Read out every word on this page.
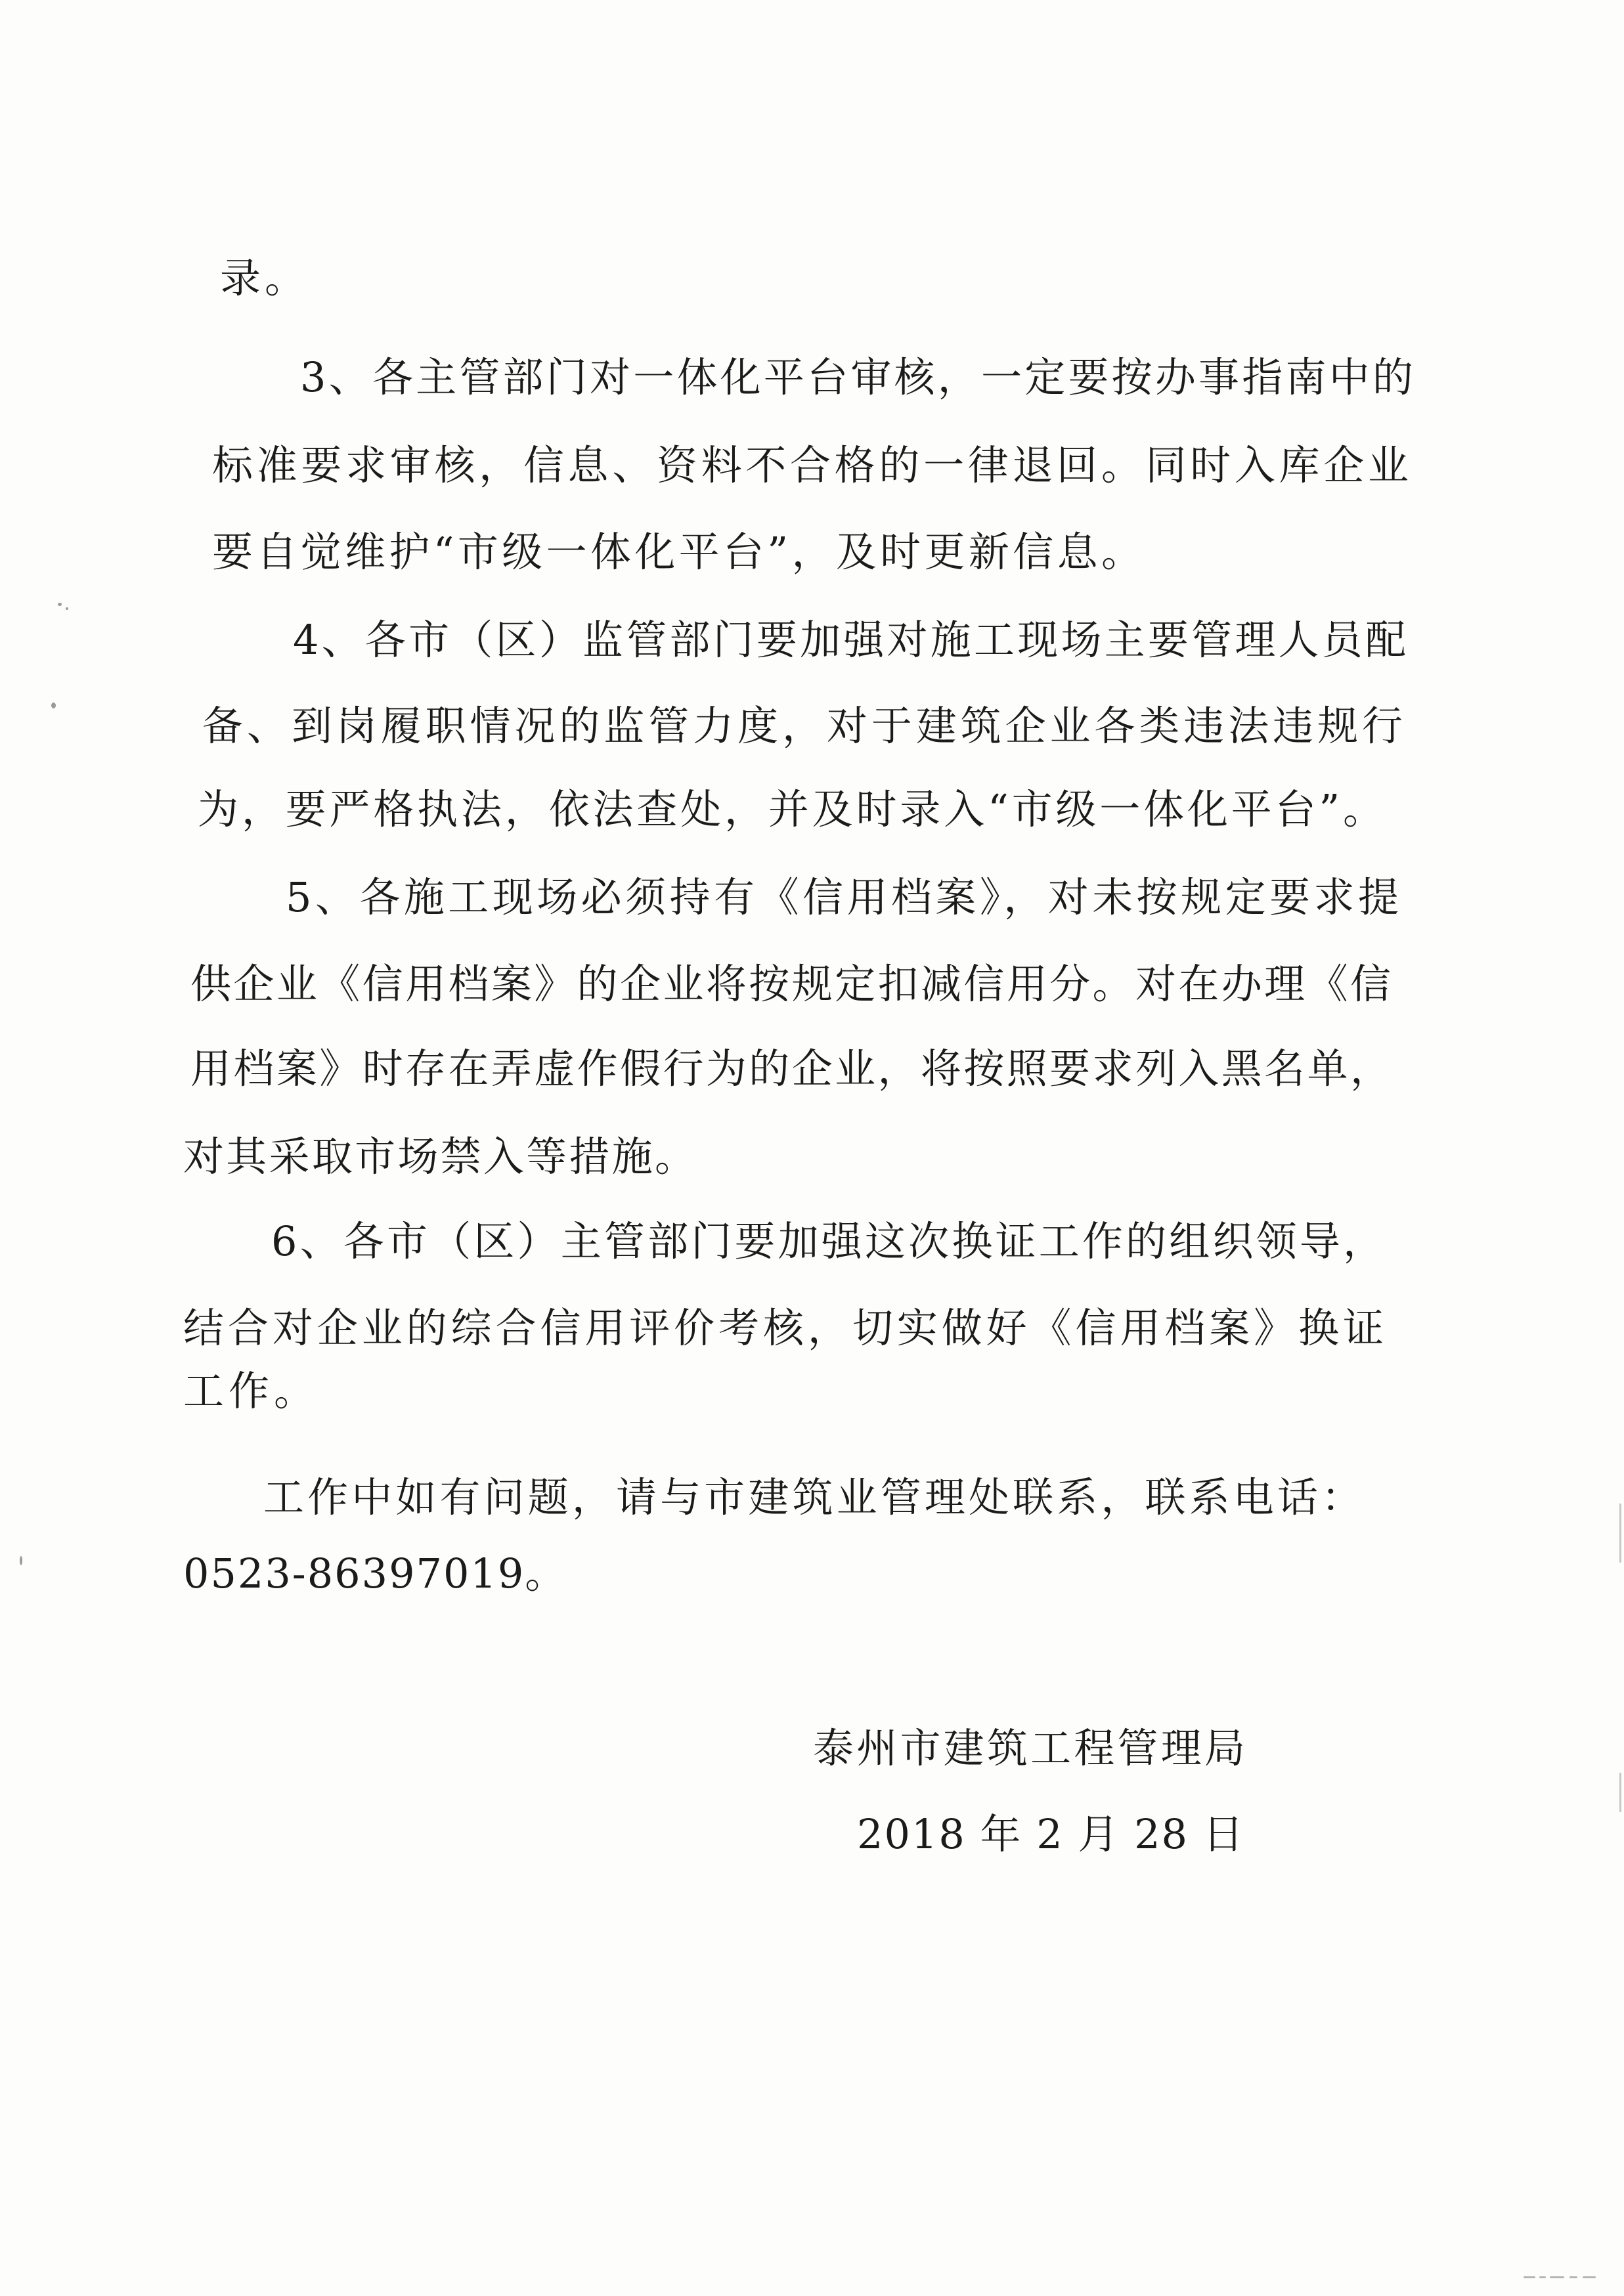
录。
3、各主管部门对一体化平台审核，一定要按办事指南中的
标准要求审核，信息、资料不合格的一律退回。同时入库企业
要自觉维护“市级一体化平台”，及时更新信息。
4、各市（区）监管部门要加强对施工现场主要管理人员配
备、到岗履职情况的监管力度，对于建筑企业各类违法违规行
为，要严格执法，依法查处，并及时录入“市级一体化平台”。
5、各施工现场必须持有《信用档案》，对未按规定要求提
供企业《信用档案》的企业将按规定扣减信用分。对在办理《信
用档案》时存在弄虚作假行为的企业，将按照要求列入黑名单，
对其采取市场禁入等措施。
6、各市（区）主管部门要加强这次换证工作的组织领导，
结合对企业的综合信用评价考核，切实做好《信用档案》换证
工作。
工作中如有问题，请与市建筑业管理处联系，联系电话：
0523-86397019。
泰州市建筑工程管理局
2018 年 2 月 28 日
